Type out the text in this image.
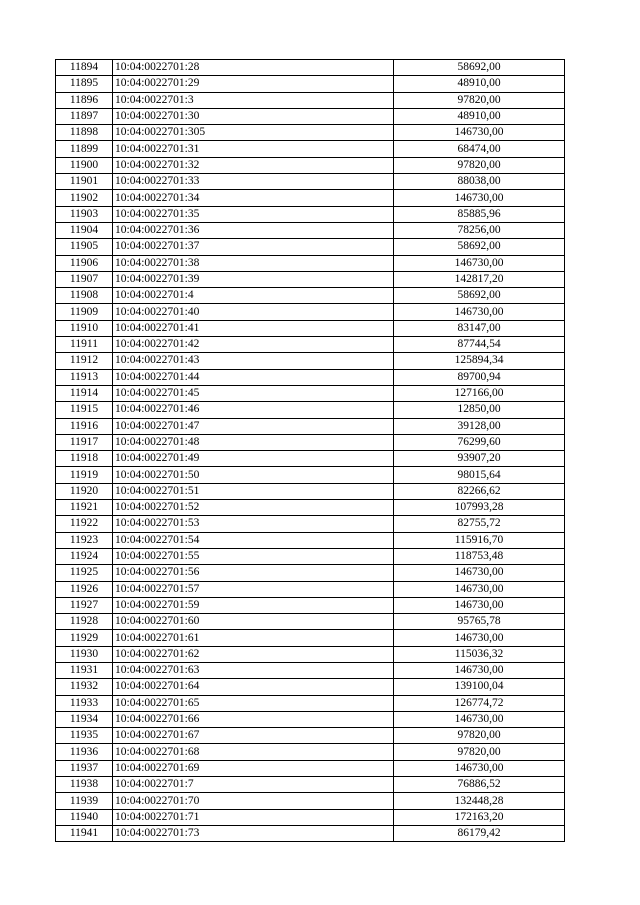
11894	10:04:0022701:28	58692,00
11895	10:04:0022701:29	48910,00
11896	10:04:0022701:3	97820,00
11897	10:04:0022701:30	48910,00
11898	10:04:0022701:305	146730,00
11899	10:04:0022701:31	68474,00
11900	10:04:0022701:32	97820,00
11901	10:04:0022701:33	88038,00
11902	10:04:0022701:34	146730,00
11903	10:04:0022701:35	85885,96
11904	10:04:0022701:36	78256,00
11905	10:04:0022701:37	58692,00
11906	10:04:0022701:38	146730,00
11907	10:04:0022701:39	142817,20
11908	10:04:0022701:4	58692,00
11909	10:04:0022701:40	146730,00
11910	10:04:0022701:41	83147,00
11911	10:04:0022701:42	87744,54
11912	10:04:0022701:43	125894,34
11913	10:04:0022701:44	89700,94
11914	10:04:0022701:45	127166,00
11915	10:04:0022701:46	12850,00
11916	10:04:0022701:47	39128,00
11917	10:04:0022701:48	76299,60
11918	10:04:0022701:49	93907,20
11919	10:04:0022701:50	98015,64
11920	10:04:0022701:51	82266,62
11921	10:04:0022701:52	107993,28
11922	10:04:0022701:53	82755,72
11923	10:04:0022701:54	115916,70
11924	10:04:0022701:55	118753,48
11925	10:04:0022701:56	146730,00
11926	10:04:0022701:57	146730,00
11927	10:04:0022701:59	146730,00
11928	10:04:0022701:60	95765,78
11929	10:04:0022701:61	146730,00
11930	10:04:0022701:62	115036,32
11931	10:04:0022701:63	146730,00
11932	10:04:0022701:64	139100,04
11933	10:04:0022701:65	126774,72
11934	10:04:0022701:66	146730,00
11935	10:04:0022701:67	97820,00
11936	10:04:0022701:68	97820,00
11937	10:04:0022701:69	146730,00
11938	10:04:0022701:7	76886,52
11939	10:04:0022701:70	132448,28
11940	10:04:0022701:71	172163,20
11941	10:04:0022701:73	86179,42
